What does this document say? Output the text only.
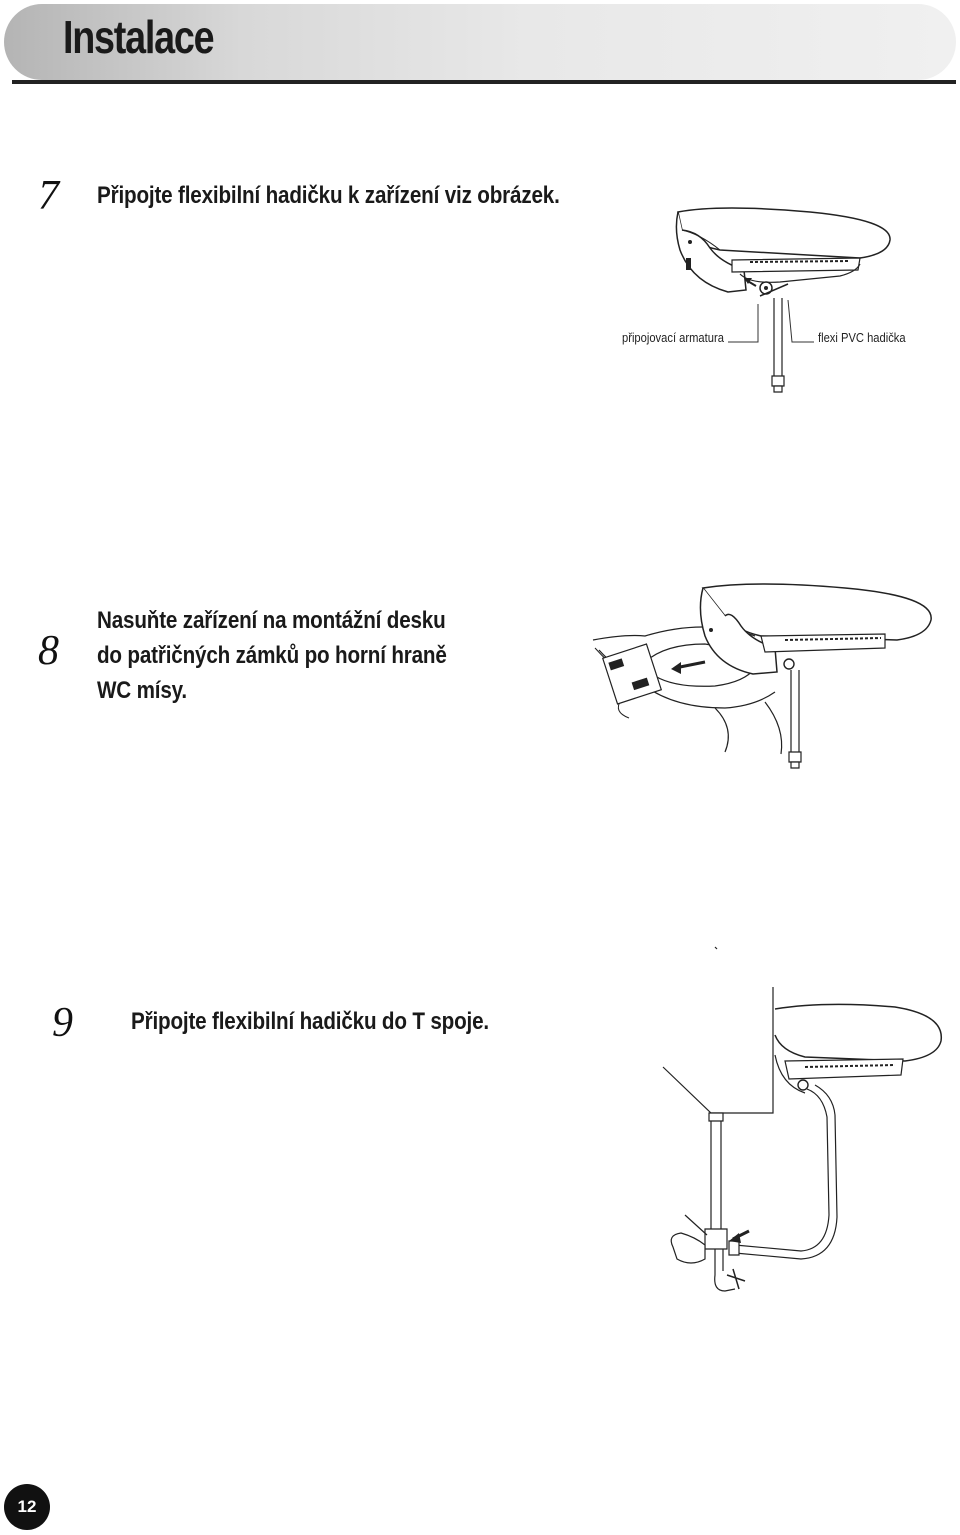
Instalace
7 Připojte flexibilní hadičku k zařízení viz obrázek.
připojovací armatura	flexi PVC hadička
8
Nasuňte zařízení na montážní desku
do patřičných zámků po horní hraně
WC mísy.
9 Připojte flexibilní hadičku do T spoje.
12
